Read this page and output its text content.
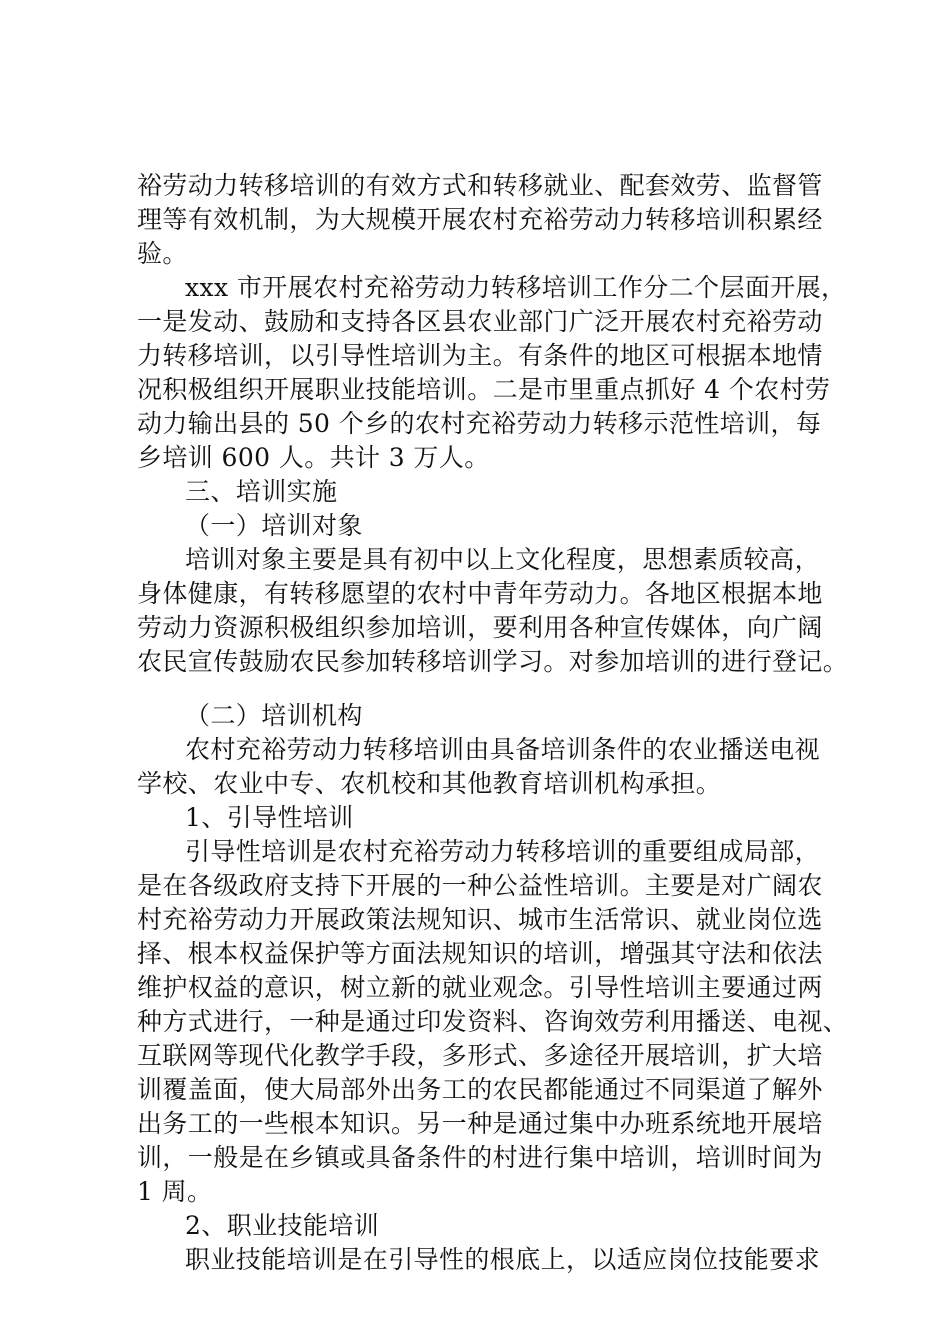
裕劳动力转移培训的有效方式和转移就业、配套效劳、监督管
理等有效机制，为大规模开展农村充裕劳动力转移培训积累经
验。
xxx 市开展农村充裕劳动力转移培训工作分二个层面开展，
一是发动、鼓励和支持各区县农业部门广泛开展农村充裕劳动
力转移培训，以引导性培训为主。有条件的地区可根据本地情
况积极组织开展职业技能培训。二是市里重点抓好 4 个农村劳
动力输出县的 50 个乡的农村充裕劳动力转移示范性培训，每
乡培训 600 人。共计 3 万人。
三、培训实施
（一）培训对象
培训对象主要是具有初中以上文化程度，思想素质较高，
身体健康，有转移愿望的农村中青年劳动力。各地区根据本地
劳动力资源积极组织参加培训，要利用各种宣传媒体，向广阔
农民宣传鼓励农民参加转移培训学习。对参加培训的进行登记。
（二）培训机构
农村充裕劳动力转移培训由具备培训条件的农业播送电视
学校、农业中专、农机校和其他教育培训机构承担。
1、引导性培训
引导性培训是农村充裕劳动力转移培训的重要组成局部，
是在各级政府支持下开展的一种公益性培训。主要是对广阔农
村充裕劳动力开展政策法规知识、城市生活常识、就业岗位选
择、根本权益保护等方面法规知识的培训，增强其守法和依法
维护权益的意识，树立新的就业观念。引导性培训主要通过两
种方式进行，一种是通过印发资料、咨询效劳利用播送、电视、
互联网等现代化教学手段，多形式、多途径开展培训，扩大培
训覆盖面，使大局部外出务工的农民都能通过不同渠道了解外
出务工的一些根本知识。另一种是通过集中办班系统地开展培
训，一般是在乡镇或具备条件的村进行集中培训，培训时间为
1 周。
2、职业技能培训
职业技能培训是在引导性的根底上，以适应岗位技能要求
